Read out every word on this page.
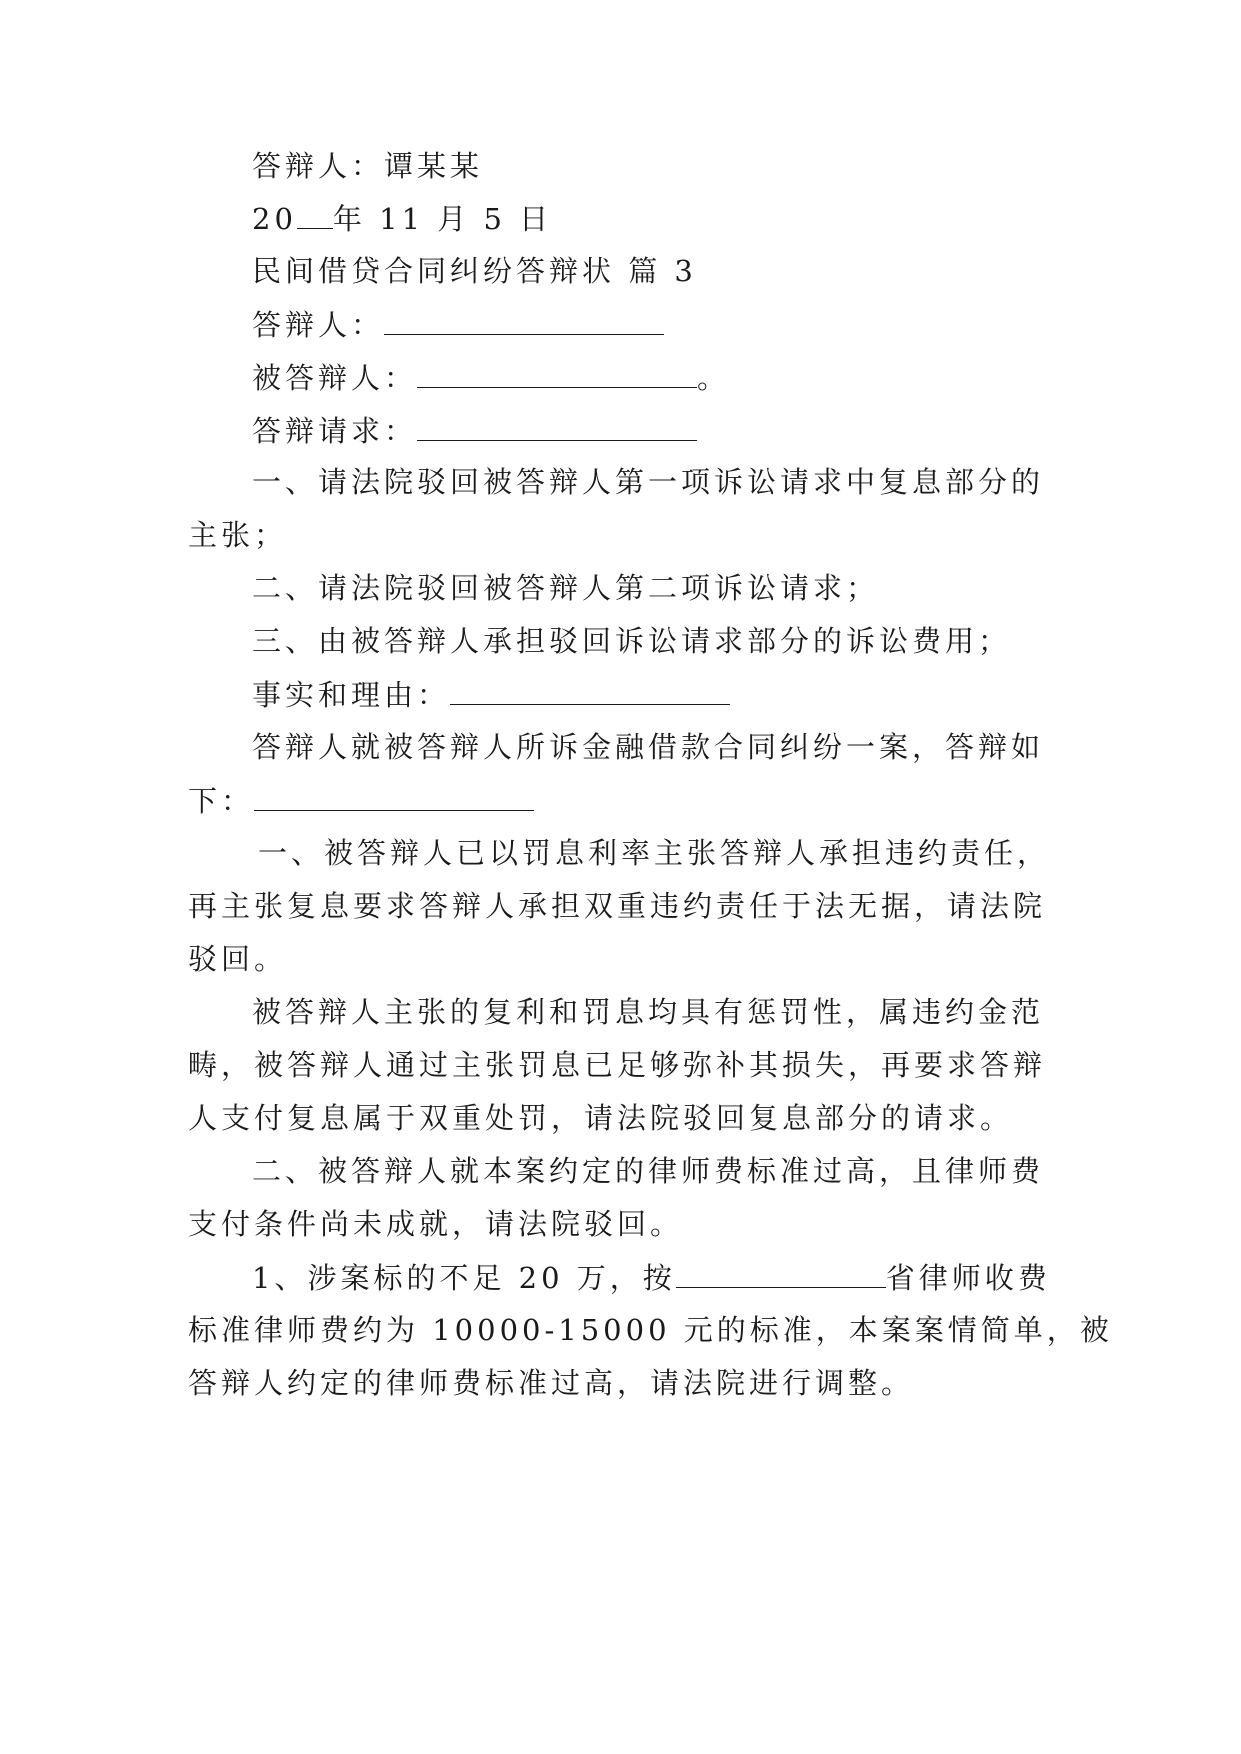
答辩人：谭某某
20 年 11 月 5 日
民间借贷合同纠纷答辩状 篇 3
答辩人：
被答辩人：	。
答辩请求：
一、请法院驳回被答辩人第一项诉讼请求中复息部分的
主张；
二、请法院驳回被答辩人第二项诉讼请求；
三、由被答辩人承担驳回诉讼请求部分的诉讼费用；
事实和理由：
答辩人就被答辩人所诉金融借款合同纠纷一案，答辩如
下：
一、被答辩人已以罚息利率主张答辩人承担违约责任，
再主张复息要求答辩人承担双重违约责任于法无据，请法院
驳回。
被答辩人主张的复利和罚息均具有惩罚性，属违约金范
畴，被答辩人通过主张罚息已足够弥补其损失，再要求答辩
人支付复息属于双重处罚，请法院驳回复息部分的请求。
二、被答辩人就本案约定的律师费标准过高，且律师费
支付条件尚未成就，请法院驳回。
1、涉案标的不足 20 万，按	省律师收费
标准律师费约为 10000-15000 元的标准，本案案情简单，被
答辩人约定的律师费标准过高，请法院进行调整。
